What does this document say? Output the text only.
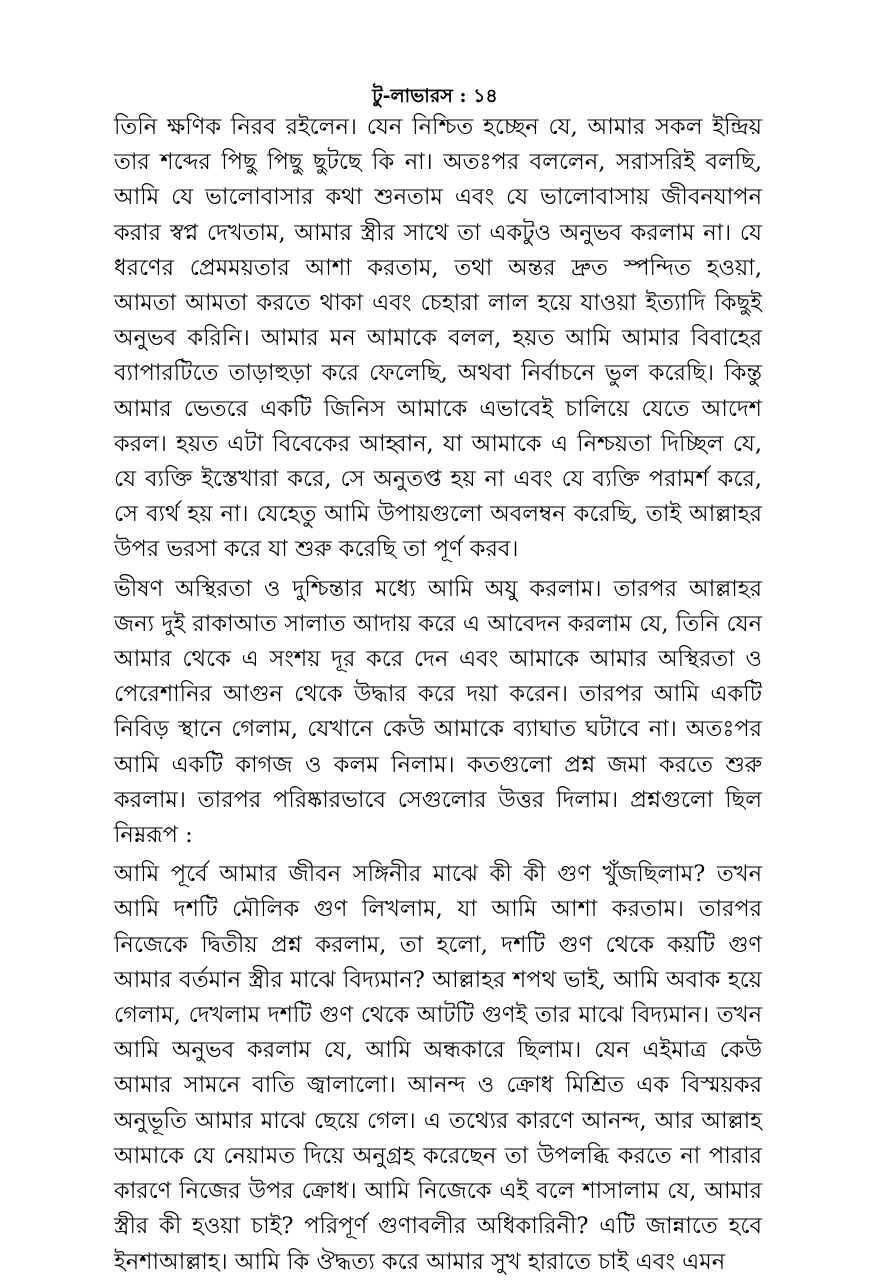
টু-লাভারস : ১৪

তিনি ক্ষণিক নিরব রইলেন। যেন নিশ্চিত হচ্ছেন যে, আমার সকল ইন্দ্রিয় তার শব্দের পিছু পিছু ছুটছে কি না। অতঃপর বললেন, সরাসরিই বলছি, আমি যে ভালোবাসার কথা শুনতাম এবং যে ভালোবাসায় জীবনযাপন করার স্বপ্ন দেখতাম, আমার স্ত্রীর সাথে তা একটুও অনুভব করলাম না। যে ধরণের প্রেমময়তার আশা করতাম, তথা অন্তর দ্রুত স্পন্দিত হওয়া, আমতা আমতা করতে থাকা এবং চেহারা লাল হয়ে যাওয়া ইত্যাদি কিছুই অনুভব করিনি। আমার মন আমাকে বলল, হয়ত আমি আমার বিবাহের ব্যাপারটিতে তাড়াহুড়া করে ফেলেছি, অথবা নির্বাচনে ভুল করেছি। কিন্তু আমার ভেতরে একটি জিনিস আমাকে এভাবেই চালিয়ে যেতে আদেশ করল। হয়ত এটা বিবেকের আহ্বান, যা আমাকে এ নিশ্চয়তা দিচ্ছিল যে, যে ব্যক্তি ইস্তেখারা করে, সে অনুতপ্ত হয় না এবং যে ব্যক্তি পরামর্শ করে, সে ব্যর্থ হয় না। যেহেতু আমি উপায়গুলো অবলম্বন করেছি, তাই আল্লাহর উপর ভরসা করে যা শুরু করেছি তা পূর্ণ করব।

ভীষণ অস্থিরতা ও দুশ্চিন্তার মধ্যে আমি অযু করলাম। তারপর আল্লাহর জন্য দুই রাকাআত সালাত আদায় করে এ আবেদন করলাম যে, তিনি যেন আমার থেকে এ সংশয় দূর করে দেন এবং আমাকে আমার অস্থিরতা ও পেরেশানির আগুন থেকে উদ্ধার করে দয়া করেন। তারপর আমি একটি নিবিড় স্থানে গেলাম, যেখানে কেউ আমাকে ব্যাঘাত ঘটাবে না। অতঃপর আমি একটি কাগজ ও কলম নিলাম। কতগুলো প্রশ্ন জমা করতে শুরু করলাম। তারপর পরিষ্কারভাবে সেগুলোর উত্তর দিলাম। প্রশ্নগুলো ছিল নিম্নরূপ :

আমি পূর্বে আমার জীবন সঙ্গিনীর মাঝে কী কী গুণ খুঁজছিলাম? তখন আমি দশটি মৌলিক গুণ লিখলাম, যা আমি আশা করতাম। তারপর নিজেকে দ্বিতীয় প্রশ্ন করলাম, তা হলো, দশটি গুণ থেকে কয়টি গুণ আমার বর্তমান স্ত্রীর মাঝে বিদ্যমান? আল্লাহর শপথ ভাই, আমি অবাক হয়ে গেলাম, দেখলাম দশটি গুণ থেকে আটটি গুণই তার মাঝে বিদ্যমান। তখন আমি অনুভব করলাম যে, আমি অন্ধকারে ছিলাম। যেন এইমাত্র কেউ আমার সামনে বাতি জ্বালালো। আনন্দ ও ক্রোধ মিশ্রিত এক বিস্ময়কর অনুভূতি আমার মাঝে ছেয়ে গেল। এ তথ্যের কারণে আনন্দ, আর আল্লাহ আমাকে যে নেয়ামত দিয়ে অনুগ্রহ করেছেন তা উপলব্ধি করতে না পারার কারণে নিজের উপর ক্রোধ। আমি নিজেকে এই বলে শাসালাম যে, আমার স্ত্রীর কী হওয়া চাই? পরিপূর্ণ গুণাবলীর অধিকারিনী? এটি জান্নাতে হবে ইনশাআল্লাহ। আমি কি ঔদ্ধত্য করে আমার সুখ হারাতে চাই এবং এমন
